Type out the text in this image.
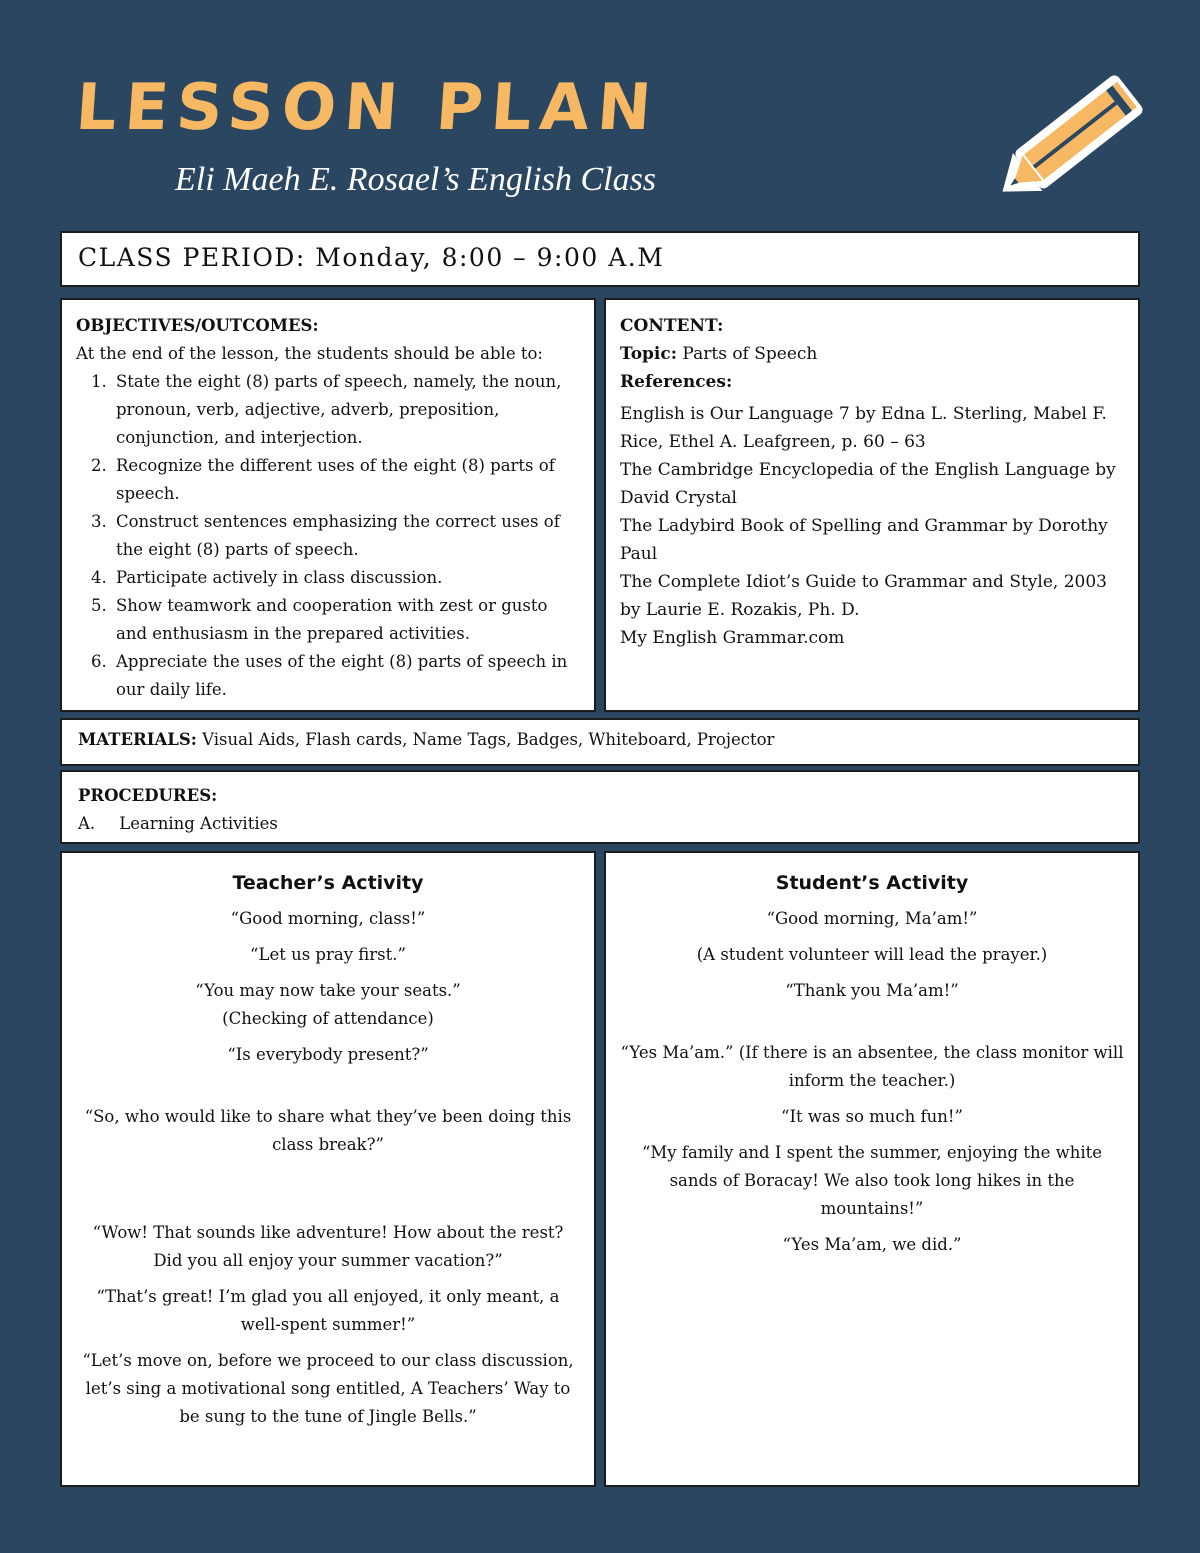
LESSON PLAN
Eli Maeh E. Rosael’s English Class
CLASS PERIOD: Monday, 8:00 – 9:00 A.M
OBJECTIVES/OUTCOMES:
At the end of the lesson, the students should be able to:
1. State the eight (8) parts of speech, namely, the noun, pronoun, verb, adjective, adverb, preposition, conjunction, and interjection.
2. Recognize the different uses of the eight (8) parts of speech.
3. Construct sentences emphasizing the correct uses of the eight (8) parts of speech.
4. Participate actively in class discussion.
5. Show teamwork and cooperation with zest or gusto and enthusiasm in the prepared activities.
6. Appreciate the uses of the eight (8) parts of speech in our daily life.
CONTENT:
Topic: Parts of Speech
References:
English is Our Language 7 by Edna L. Sterling, Mabel F. Rice, Ethel A. Leafgreen, p. 60 – 63
The Cambridge Encyclopedia of the English Language by David Crystal
The Ladybird Book of Spelling and Grammar by Dorothy Paul
The Complete Idiot’s Guide to Grammar and Style, 2003 by Laurie E. Rozakis, Ph. D.
My English Grammar.com
MATERIALS: Visual Aids, Flash cards, Name Tags, Badges, Whiteboard, Projector
PROCEDURES:
A. Learning Activities
Teacher’s Activity
“Good morning, class!”
“Let us pray first.”
“You may now take your seats.”
(Checking of attendance)
“Is everybody present?”
“So, who would like to share what they’ve been doing this class break?”
“Wow! That sounds like adventure! How about the rest? Did you all enjoy your summer vacation?”
“That’s great! I’m glad you all enjoyed, it only meant, a well-spent summer!”
“Let’s move on, before we proceed to our class discussion, let’s sing a motivational song entitled, A Teachers’ Way to be sung to the tune of Jingle Bells.”
Student’s Activity
“Good morning, Ma’am!”
(A student volunteer will lead the prayer.)
“Thank you Ma’am!”
“Yes Ma’am.” (If there is an absentee, the class monitor will inform the teacher.)
“It was so much fun!”
“My family and I spent the summer, enjoying the white sands of Boracay! We also took long hikes in the mountains!”
“Yes Ma’am, we did.”
